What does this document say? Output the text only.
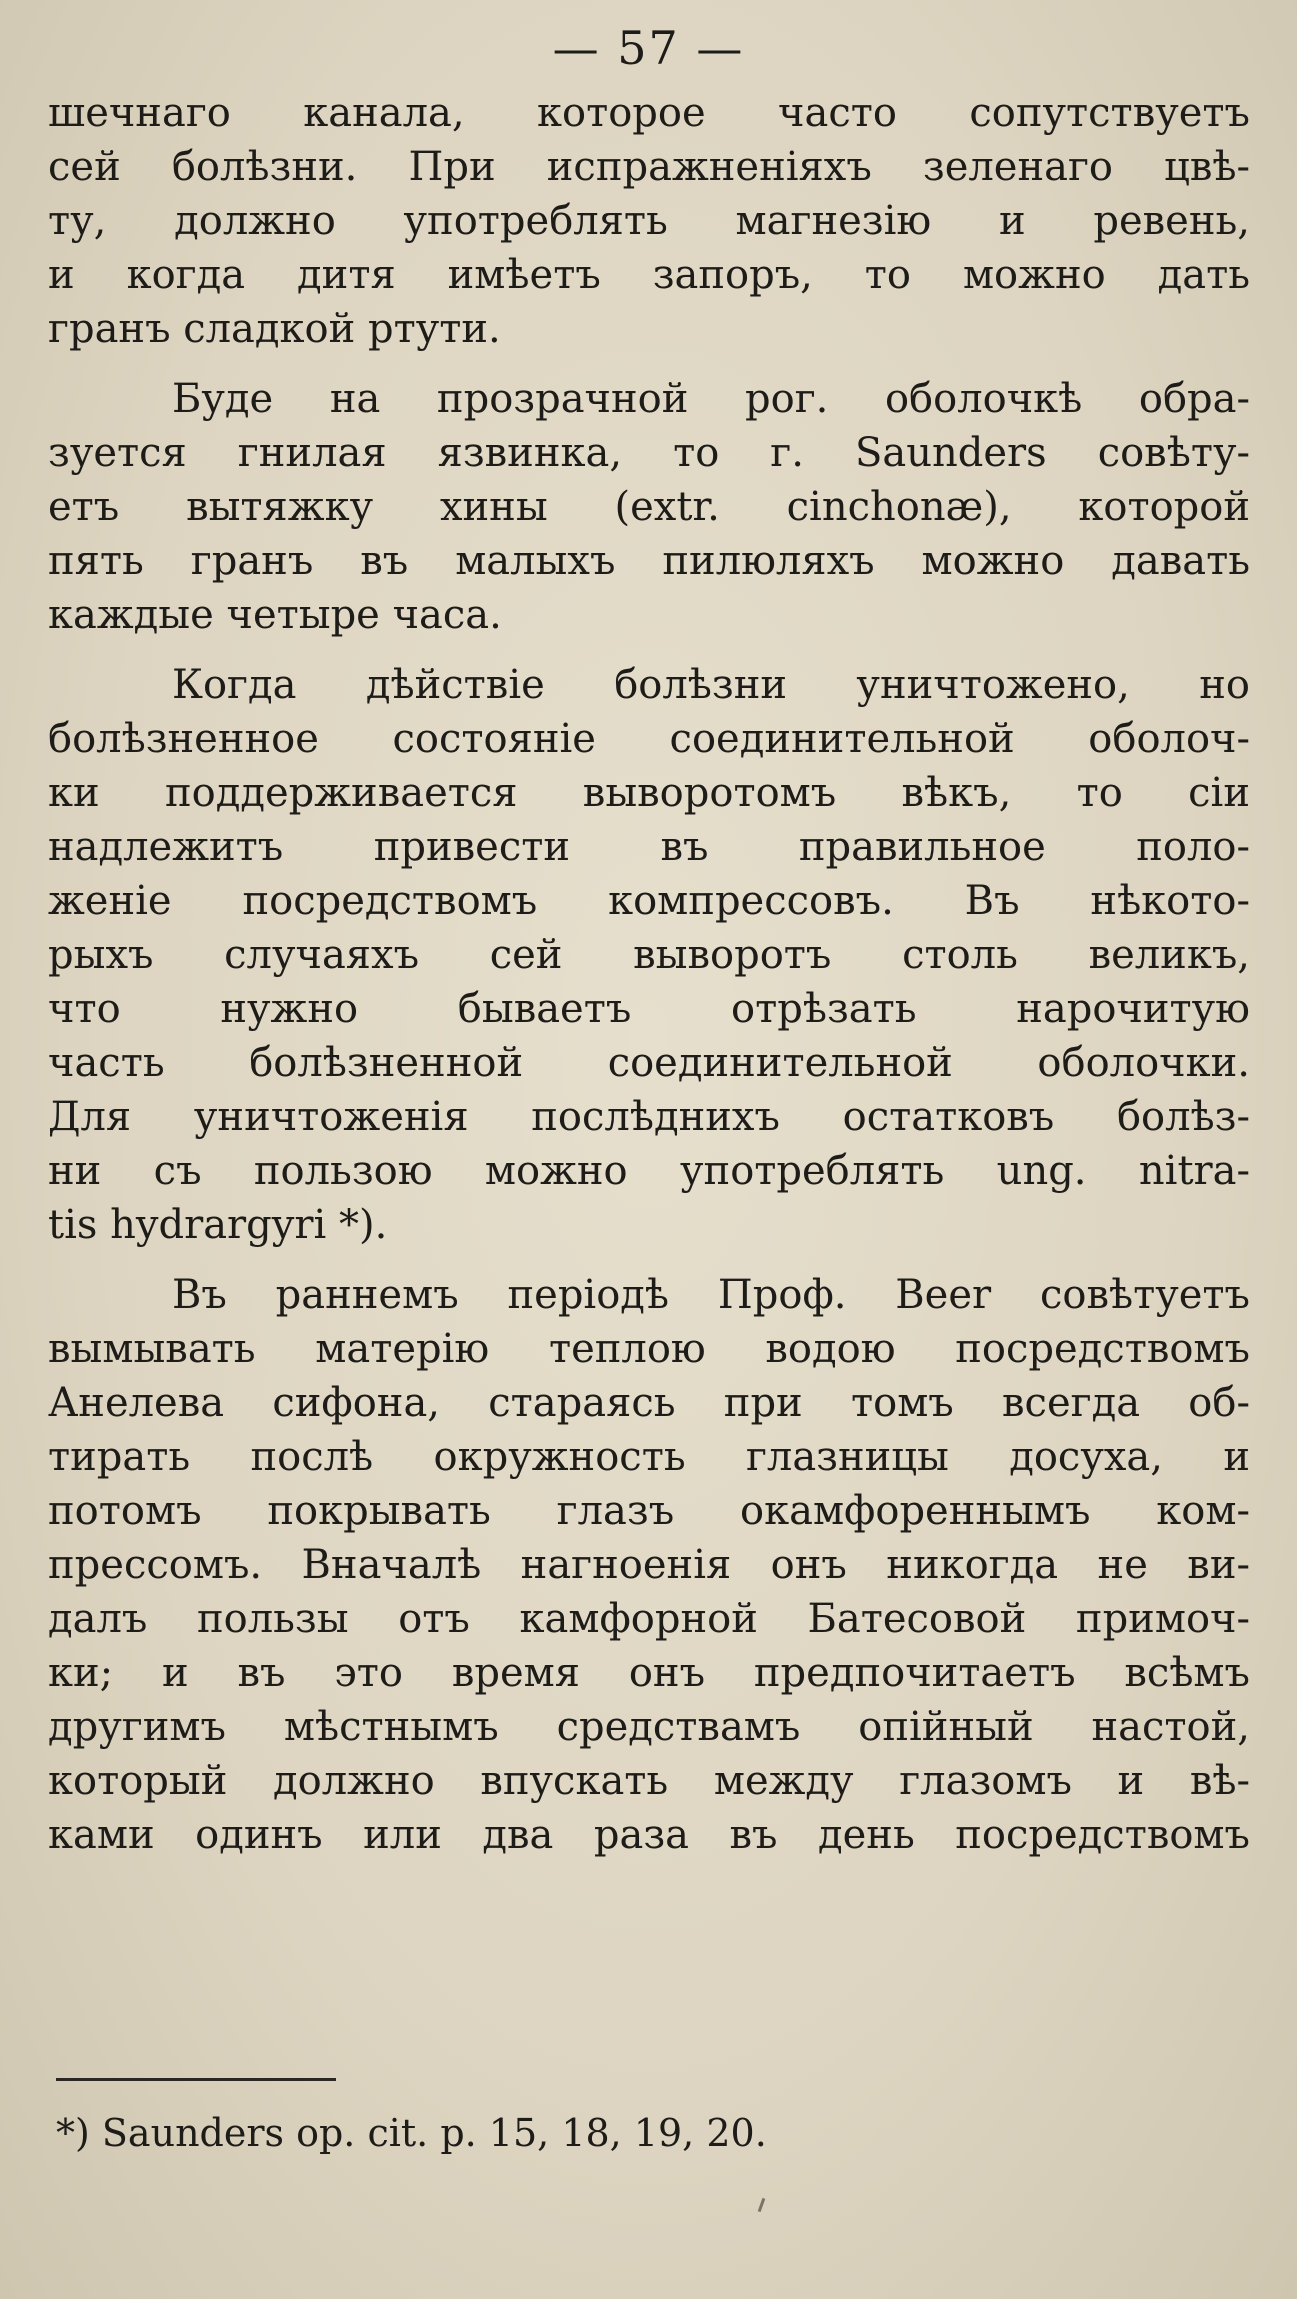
— 57 —
шечнаго канала, которое часто сопутствуетъ
сей болѣзни. При испражненіяхъ зеленаго цвѣ-
ту, должно употреблять магнезію и ревень,
и когда дитя имѣетъ запоръ, то можно дать
гранъ сладкой ртути.
Буде на прозрачной рог. оболочкѣ обра-
зуется гнилая язвинка, то г. Saunders совѣту-
етъ вытяжку хины (extr. cinchonæ), которой
пять гранъ въ малыхъ пилюляхъ можно давать
каждые четыре часа.
Когда дѣйствіе болѣзни уничтожено, но
болѣзненное состояніе соединительной оболоч-
ки поддерживается выворотомъ вѣкъ, то сіи
надлежитъ привести въ правильное поло-
женіе посредствомъ компрессовъ. Въ нѣкото-
рыхъ случаяхъ сей выворотъ столь великъ,
что нужно бываетъ отрѣзать нарочитую
часть болѣзненной соединительной оболочки.
Для уничтоженія послѣднихъ остатковъ болѣз-
ни съ пользою можно употреблять ung. nitra-
tis hydrargyri *).
Въ раннемъ періодѣ Проф. Beer совѣтуетъ
вымывать матерію теплою водою посредствомъ
Анелева сифона, стараясь при томъ всегда об-
тирать послѣ окружность глазницы досуха, и
потомъ покрывать глазъ окамфореннымъ ком-
прессомъ. Вначалѣ нагноенія онъ никогда не ви-
далъ пользы отъ камфорной Батесовой примоч-
ки; и въ это время онъ предпочитаетъ всѣмъ
другимъ мѣстнымъ средствамъ опійный настой,
который должно впускать между глазомъ и вѣ-
ками одинъ или два раза въ день посредствомъ
*) Saunders op. cit. p. 15, 18, 19, 20.
